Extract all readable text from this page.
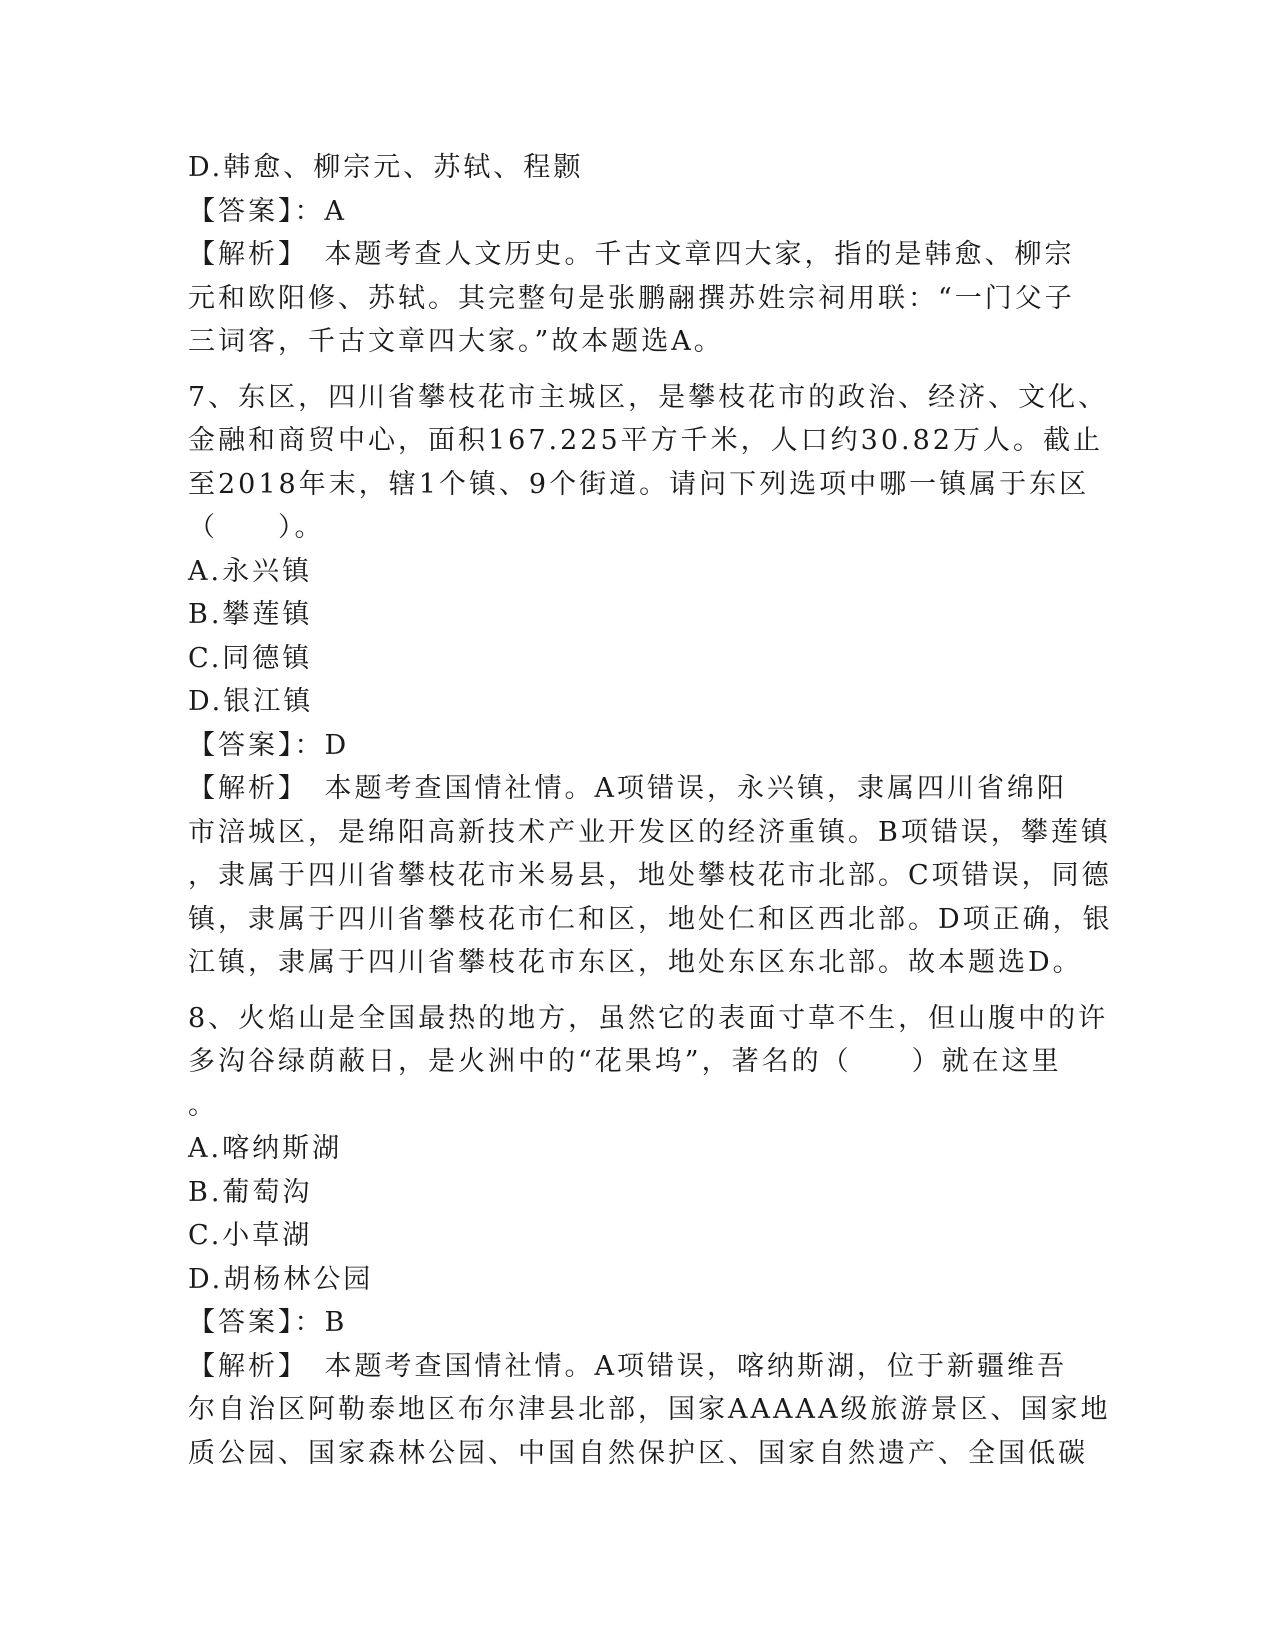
D.韩愈、柳宗元、苏轼、程颢
【答案】：A
【解析】　本题考查人文历史。千古文章四大家，指的是韩愈、柳宗
元和欧阳修、苏轼。其完整句是张鹏翮撰苏姓宗祠用联：“一门父子
三词客，千古文章四大家。”故本题选A。
7、东区，四川省攀枝花市主城区，是攀枝花市的政治、经济、文化、
金融和商贸中心，面积167.225平方千米，人口约30.82万人。截止
至2018年末，辖1个镇、9个街道。请问下列选项中哪一镇属于东区
（　　）。
A.永兴镇
B.攀莲镇
C.同德镇
D.银江镇
【答案】：D
【解析】　本题考查国情社情。A项错误，永兴镇，隶属四川省绵阳
市涪城区，是绵阳高新技术产业开发区的经济重镇。B项错误，攀莲镇
，隶属于四川省攀枝花市米易县，地处攀枝花市北部。C项错误，同德
镇，隶属于四川省攀枝花市仁和区，地处仁和区西北部。D项正确，银
江镇，隶属于四川省攀枝花市东区，地处东区东北部。故本题选D。
8、火焰山是全国最热的地方，虽然它的表面寸草不生，但山腹中的许
多沟谷绿荫蔽日，是火洲中的“花果坞”，著名的（　　）就在这里
。
A.喀纳斯湖
B.葡萄沟
C.小草湖
D.胡杨林公园
【答案】：B
【解析】　本题考查国情社情。A项错误，喀纳斯湖，位于新疆维吾
尔自治区阿勒泰地区布尔津县北部，国家AAAAA级旅游景区、国家地
质公园、国家森林公园、中国自然保护区、国家自然遗产、全国低碳
